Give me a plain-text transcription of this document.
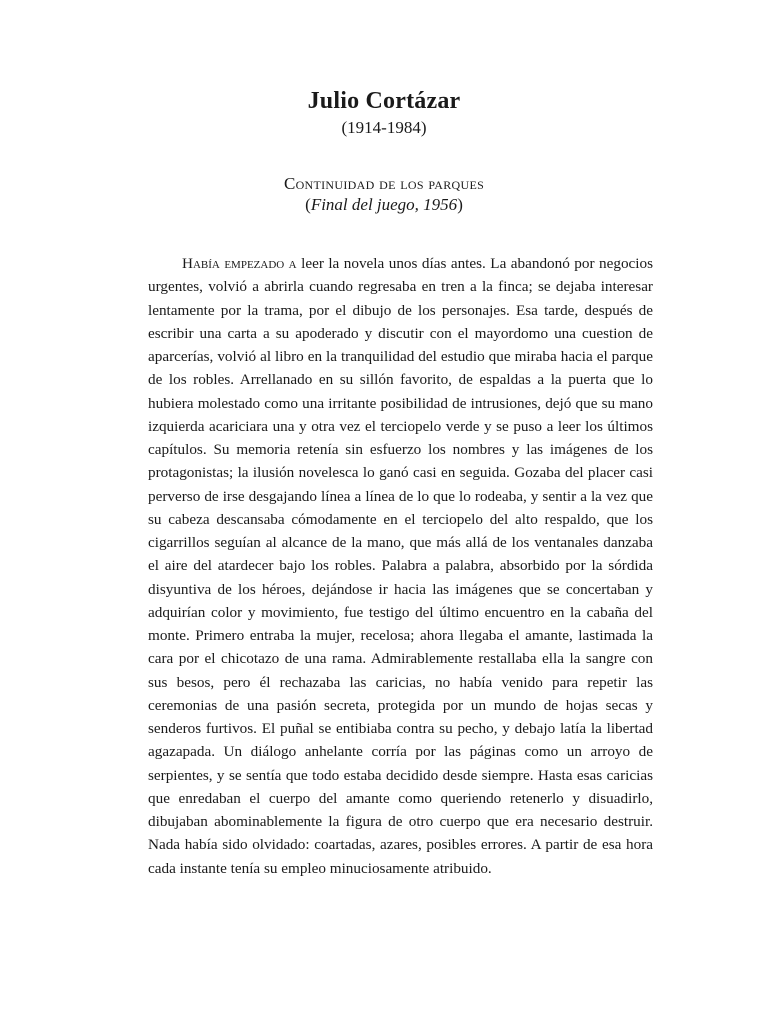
Julio Cortázar
(1914-1984)
Continuidad de los parques
(Final del juego, 1956)

Había empezado a leer la novela unos días antes. La abandonó por negocios urgentes, volvió a abrirla cuando regresaba en tren a la finca; se dejaba interesar lentamente por la trama, por el dibujo de los personajes. Esa tarde, después de escribir una carta a su apoderado y discutir con el mayordomo una cuestion de aparcerías, volvió al libro en la tranquilidad del estudio que miraba hacia el parque de los robles. Arrellanado en su sillón favorito, de espaldas a la puerta que lo hubiera molestado como una irritante posibilidad de intrusiones, dejó que su mano izquierda acariciara una y otra vez el terciopelo verde y se puso a leer los últimos capítulos. Su memoria retenía sin esfuerzo los nombres y las imágenes de los protagonistas; la ilusión novelesca lo ganó casi en seguida. Gozaba del placer casi perverso de irse desgajando línea a línea de lo que lo rodeaba, y sentir a la vez que su cabeza descansaba cómodamente en el terciopelo del alto respaldo, que los cigarrillos seguían al alcance de la mano, que más allá de los ventanales danzaba el aire del atardecer bajo los robles. Palabra a palabra, absorbido por la sórdida disyuntiva de los héroes, dejándose ir hacia las imágenes que se concertaban y adquirían color y movimiento, fue testigo del último encuentro en la cabaña del monte. Primero entraba la mujer, recelosa; ahora llegaba el amante, lastimada la cara por el chicotazo de una rama. Admirablemente restallaba ella la sangre con sus besos, pero él rechazaba las caricias, no había venido para repetir las ceremonias de una pasión secreta, protegida por un mundo de hojas secas y senderos furtivos. El puñal se entibiaba contra su pecho, y debajo latía la libertad agazapada. Un diálogo anhelante corría por las páginas como un arroyo de serpientes, y se sentía que todo estaba decidido desde siempre. Hasta esas caricias que enredaban el cuerpo del amante como queriendo retenerlo y disuadirlo, dibujaban abominablemente la figura de otro cuerpo que era necesario destruir. Nada había sido olvidado: coartadas, azares, posibles errores. A partir de esa hora cada instante tenía su empleo minuciosamente atribuido.
